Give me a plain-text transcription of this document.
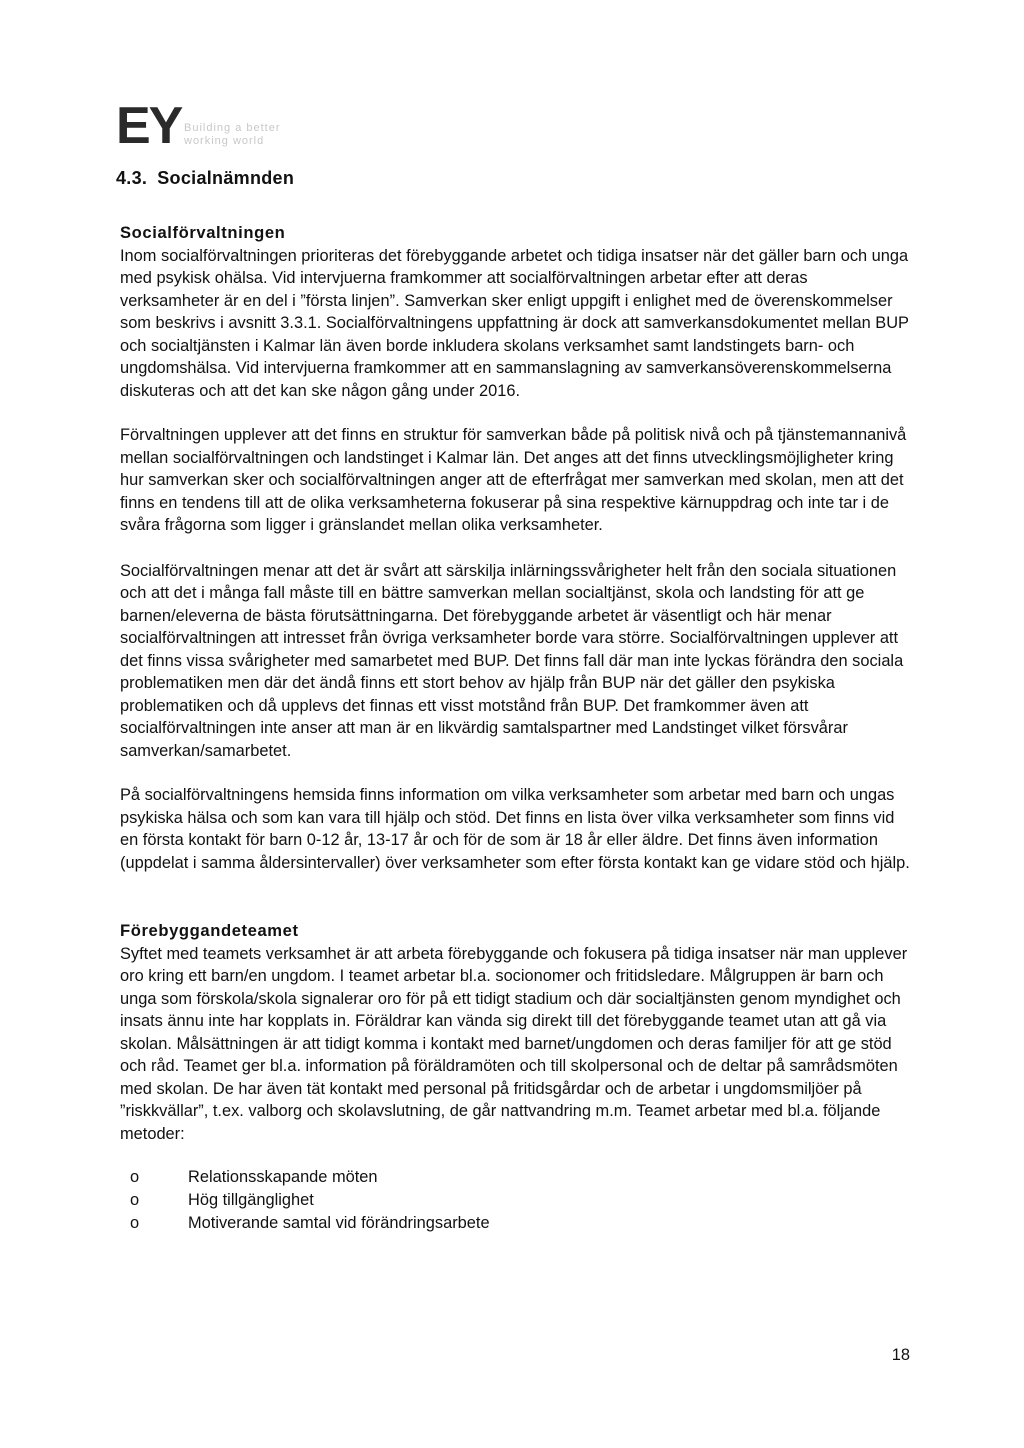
EY Building a better working world
4.3. Socialnämnden
Socialförvaltningen

Inom socialförvaltningen prioriteras det förebyggande arbetet och tidiga insatser när det gäller barn och unga med psykisk ohälsa. Vid intervjuerna framkommer att socialförvaltningen arbetar efter att deras verksamheter är en del i ”första linjen”. Samverkan sker enligt uppgift i enlighet med de överenskommelser som beskrivs i avsnitt 3.3.1. Socialförvaltningens uppfattning är dock att samverkansdokumentet mellan BUP och socialtjänsten i Kalmar län även borde inkludera skolans verksamhet samt landstingets barn- och ungdomshälsa. Vid intervjuerna framkommer att en sammanslagning av samverkansöverenskommelserna diskuteras och att det kan ske någon gång under 2016.

Förvaltningen upplever att det finns en struktur för samverkan både på politisk nivå och på tjänstemannanivå mellan socialförvaltningen och landstinget i Kalmar län. Det anges att det finns utvecklingsmöjligheter kring hur samverkan sker och socialförvaltningen anger att de efterfrågat mer samverkan med skolan, men att det finns en tendens till att de olika verksamheterna fokuserar på sina respektive kärnuppdrag och inte tar i de svåra frågorna som ligger i gränslandet mellan olika verksamheter.

Socialförvaltningen menar att det är svårt att särskilja inlärningssvårigheter helt från den sociala situationen och att det i många fall måste till en bättre samverkan mellan socialtjänst, skola och landsting för att ge barnen/eleverna de bästa förutsättningarna. Det förebyggande arbetet är väsentligt och här menar socialförvaltningen att intresset från övriga verksamheter borde vara större. Socialförvaltningen upplever att det finns vissa svårigheter med samarbetet med BUP. Det finns fall där man inte lyckas förändra den sociala problematiken men där det ändå finns ett stort behov av hjälp från BUP när det gäller den psykiska problematiken och då upplevs det finnas ett visst motstånd från BUP. Det framkommer även att socialförvaltningen inte anser att man är en likvärdig samtalspartner med Landstinget vilket försvårar samverkan/samarbetet.

På socialförvaltningens hemsida finns information om vilka verksamheter som arbetar med barn och ungas psykiska hälsa och som kan vara till hjälp och stöd. Det finns en lista över vilka verksamheter som finns vid en första kontakt för barn 0-12 år, 13-17 år och för de som är 18 år eller äldre. Det finns även information (uppdelat i samma åldersintervaller) över verksamheter som efter första kontakt kan ge vidare stöd och hjälp.

Förebyggandeteamet

Syftet med teamets verksamhet är att arbeta förebyggande och fokusera på tidiga insatser när man upplever oro kring ett barn/en ungdom. I teamet arbetar bl.a. socionomer och fritidsledare. Målgruppen är barn och unga som förskola/skola signalerar oro för på ett tidigt stadium och där socialtjänsten genom myndighet och insats ännu inte har kopplats in. Föräldrar kan vända sig direkt till det förebyggande teamet utan att gå via skolan. Målsättningen är att tidigt komma i kontakt med barnet/ungdomen och deras familjer för att ge stöd och råd. Teamet ger bl.a. information på föräldramöten och till skolpersonal och de deltar på samrådsmöten med skolan. De har även tät kontakt med personal på fritidsgårdar och de arbetar i ungdomsmiljöer på ”riskkvällar”, t.ex. valborg och skolavslutning, de går nattvandring m.m. Teamet arbetar med bl.a. följande metoder:

o	Relationsskapande möten
o	Hög tillgänglighet
o	Motiverande samtal vid förändringsarbete
18
